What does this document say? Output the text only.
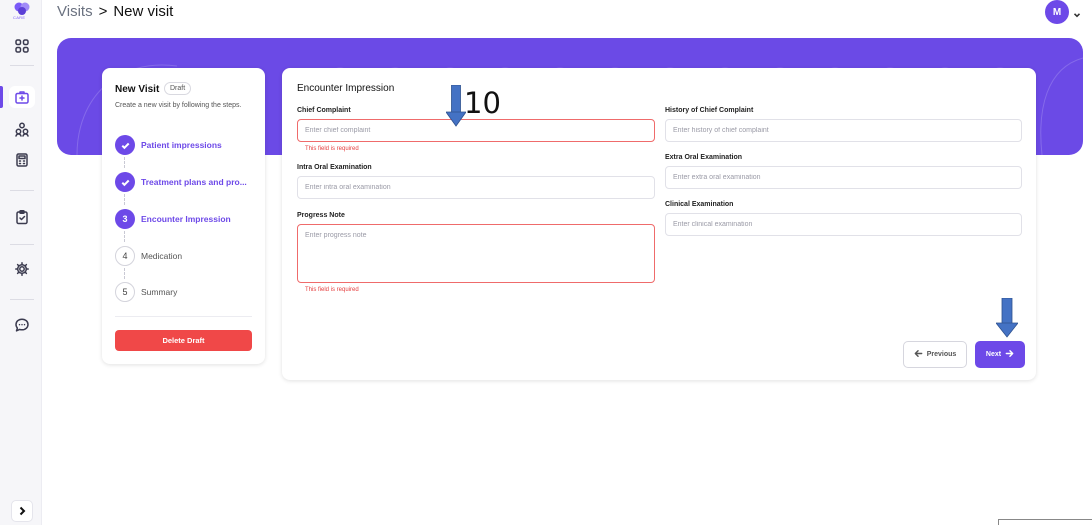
CARE Visits > New visit	M
New Visit	Draft
Create a new visit by following the steps.
Patient impressions
Treatment plans and pro...
3	Encounter Impression
4	Medication
5	Summary
Delete Draft
Encounter Impression
Chief Complaint
Enter chief complaint
This field is required
Intra Oral Examination
Enter intra oral examination
Progress Note
Enter progress note
This field is required
History of Chief Complaint
Enter history of chief complaint
Extra Oral Examination
Enter extra oral examination
Clinical Examination
Enter clinical examination
Previous	Next
10
